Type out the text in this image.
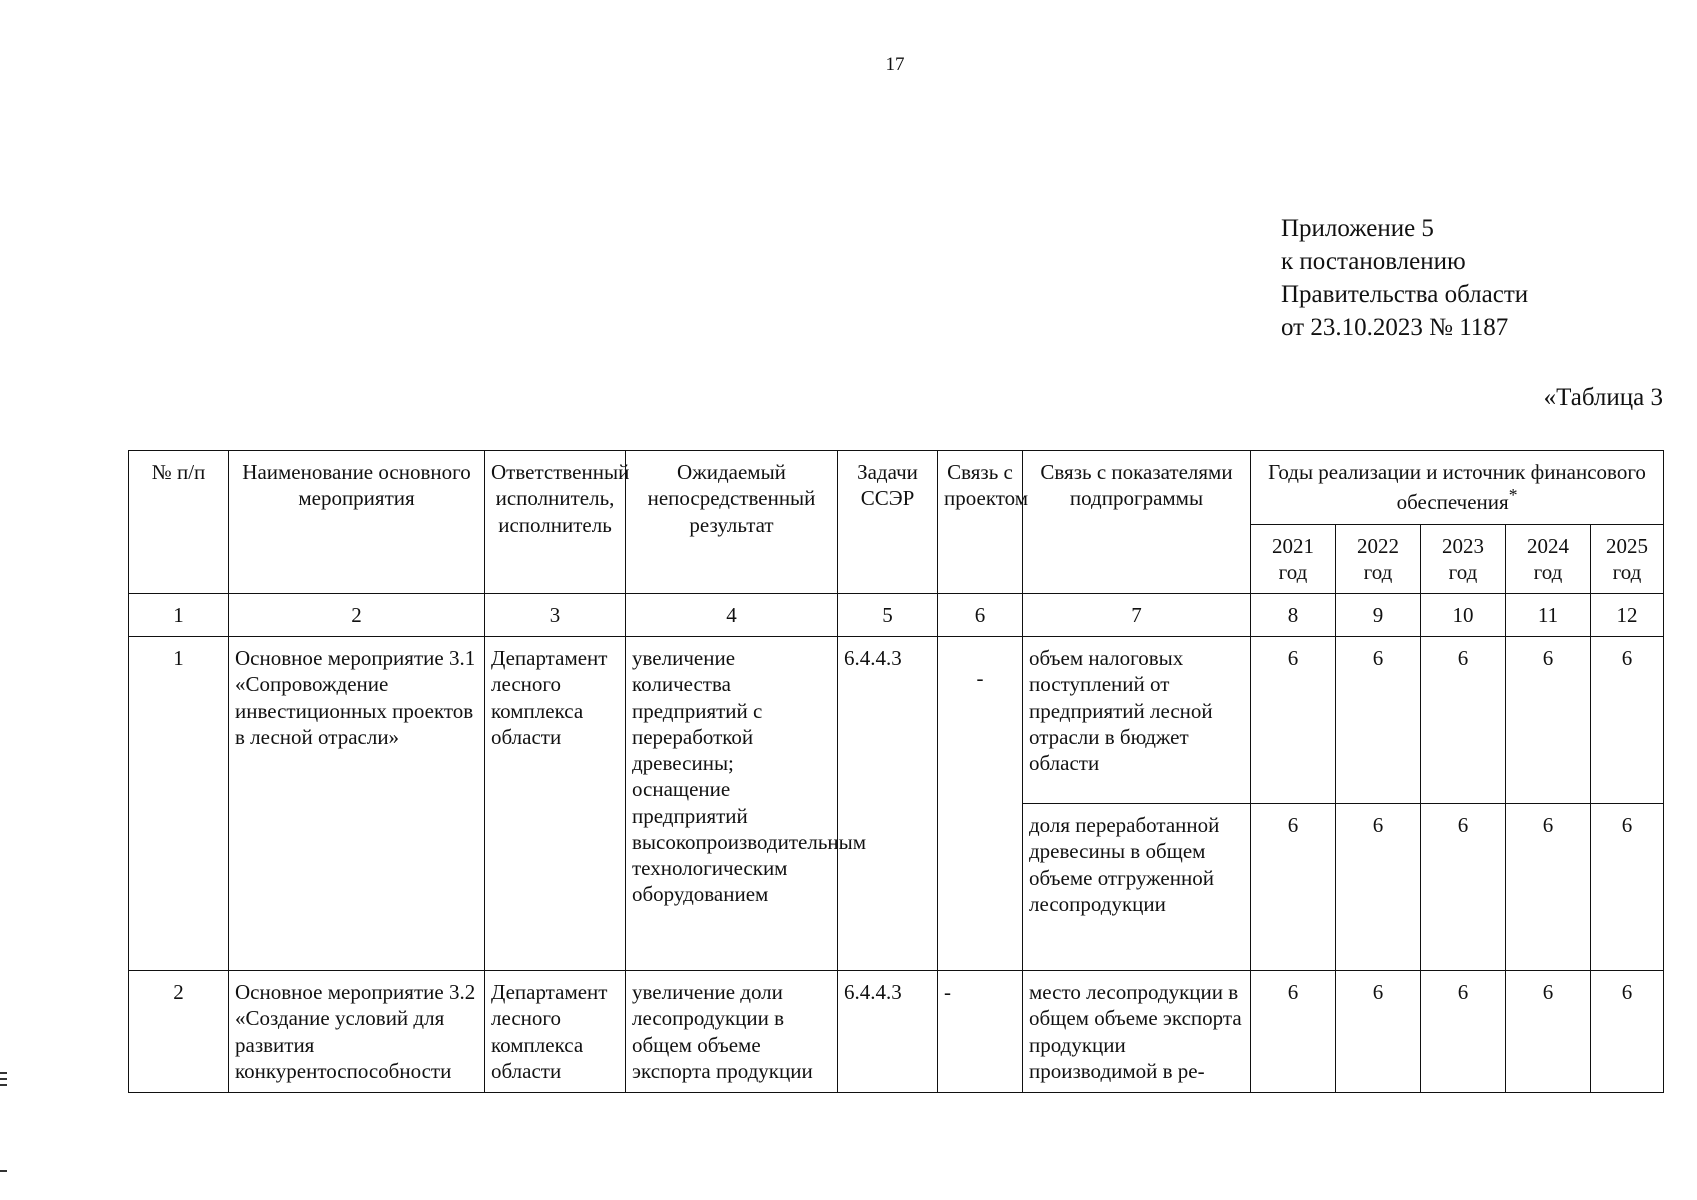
17
Приложение 5
к постановлению
Правительства области
от 23.10.2023 № 1187
«Таблица 3
№ п/п	Наименование основного мероприятия	Ответственный исполнитель, исполнитель	Ожидаемый непосредственный результат	Задачи ССЭР	Связь с проектом	Связь с показателями подпрограммы	Годы реализации и источник финансового обеспечения*
							2021 год	2022 год	2023 год	2024 год	2025 год
1	2	3	4	5	6	7	8	9	10	11	12
1	Основное мероприятие 3.1 «Сопровождение инвестиционных проектов в лесной отрасли»	Департамент лесного комплекса области	увеличение количества предприятий с переработкой древесины; оснащение предприятий высокопроизводительным технологическим оборудованием	6.4.4.3	-	объем налоговых поступлений от предприятий лесной отрасли в бюджет области	6	6	6	6	6
						доля переработанной древесины в общем объеме отгруженной лесопродукции	6	6	6	6	6
2	Основное мероприятие 3.2 «Создание условий для развития конкурентоспособности	Департамент лесного комплекса области	увеличение доли лесопродукции в общем объеме экспорта продукции	6.4.4.3	-	место лесопродукции в общем объеме экспорта продукции производимой в ре-	6	6	6	6	6
